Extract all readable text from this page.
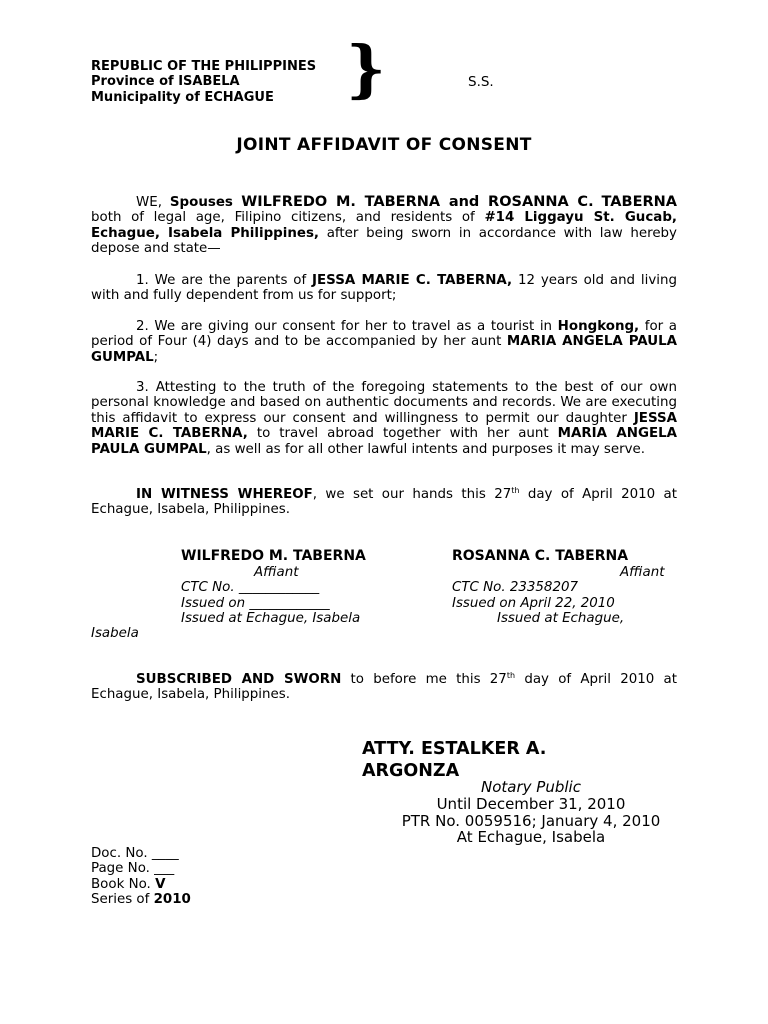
REPUBLIC OF THE PHILIPPINES
Province of ISABELA
Municipality of ECHAGUE }	S.S.
JOINT AFFIDAVIT OF CONSENT
WE, Spouses WILFREDO M. TABERNA and ROSANNA C. TABERNA both of legal age, Filipino citizens, and residents of #14 Liggayu St. Gucab, Echague, Isabela Philippines, after being sworn in accordance with law hereby depose and state—
1. We are the parents of JESSA MARIE C. TABERNA, 12 years old and living with and fully dependent from us for support;
2. We are giving our consent for her to travel as a tourist in Hongkong, for a period of Four (4) days and to be accompanied by her aunt MARIA ANGELA PAULA GUMPAL;
3. Attesting to the truth of the foregoing statements to the best of our own personal knowledge and based on authentic documents and records. We are executing this affidavit to express our consent and willingness to permit our daughter JESSA MARIE C. TABERNA, to travel abroad together with her aunt MARIA ANGELA PAULA GUMPAL, as well as for all other lawful intents and purposes it may serve.
IN WITNESS WHEREOF, we set our hands this 27th day of April 2010 at Echague, Isabela, Philippines.
WILFREDO M. TABERNA
Affiant
CTC No. ____________
Issued on ____________
Issued at Echague, Isabela
ROSANNA C. TABERNA
Affiant
CTC No. 23358207
Issued on April 22, 2010
Issued at Echague,
Isabela
SUBSCRIBED AND SWORN to before me this 27th day of April 2010 at Echague, Isabela, Philippines.
ATTY. ESTALKER A.
ARGONZA
Notary Public
Until December 31, 2010
PTR No. 0059516; January 4, 2010
At Echague, Isabela
Doc. No. ____
Page No. ___
Book No. V
Series of 2010
